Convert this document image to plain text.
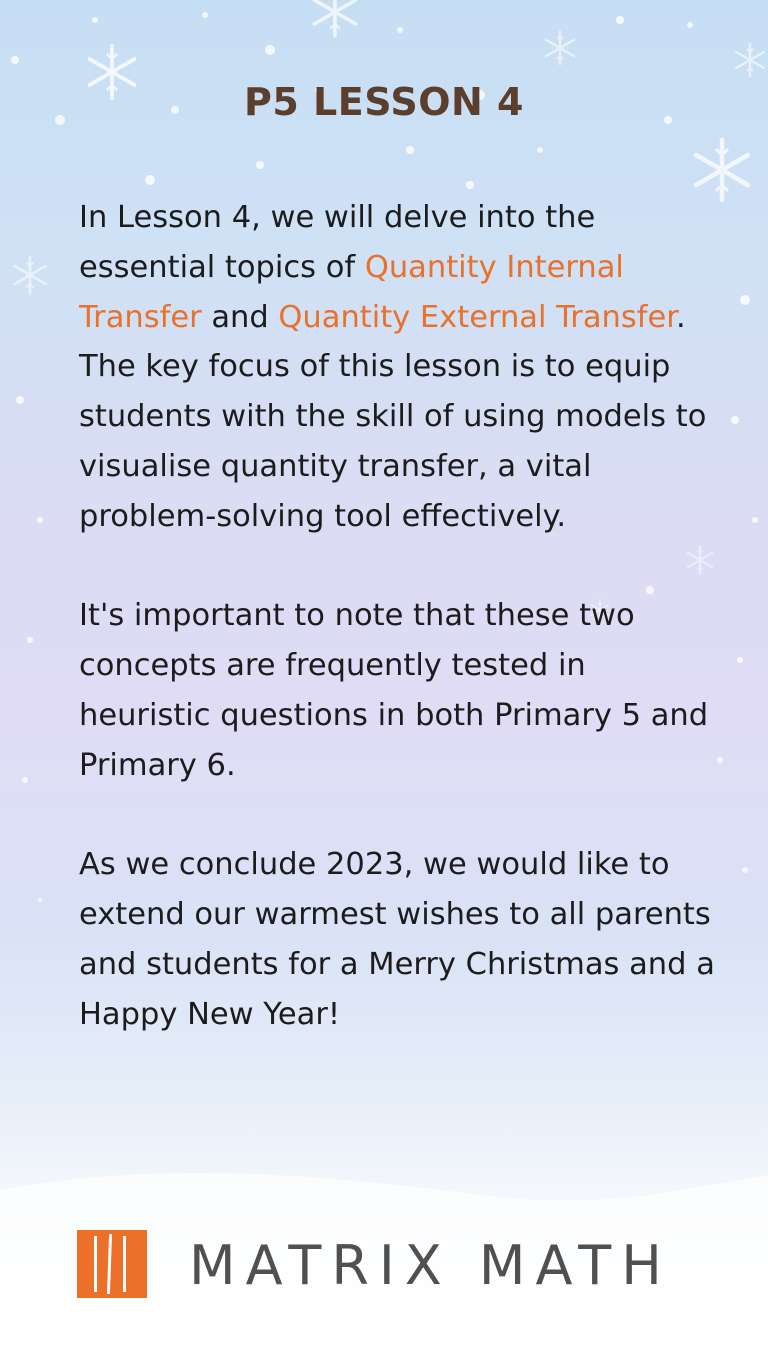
P5 LESSON 4

In Lesson 4, we will delve into the essential topics of Quantity Internal Transfer and Quantity External Transfer. The key focus of this lesson is to equip students with the skill of using models to visualise quantity transfer, a vital problem-solving tool effectively.

It's important to note that these two concepts are frequently tested in heuristic questions in both Primary 5 and Primary 6.

As we conclude 2023, we would like to extend our warmest wishes to all parents and students for a Merry Christmas and a Happy New Year!

MATRIX MATH
